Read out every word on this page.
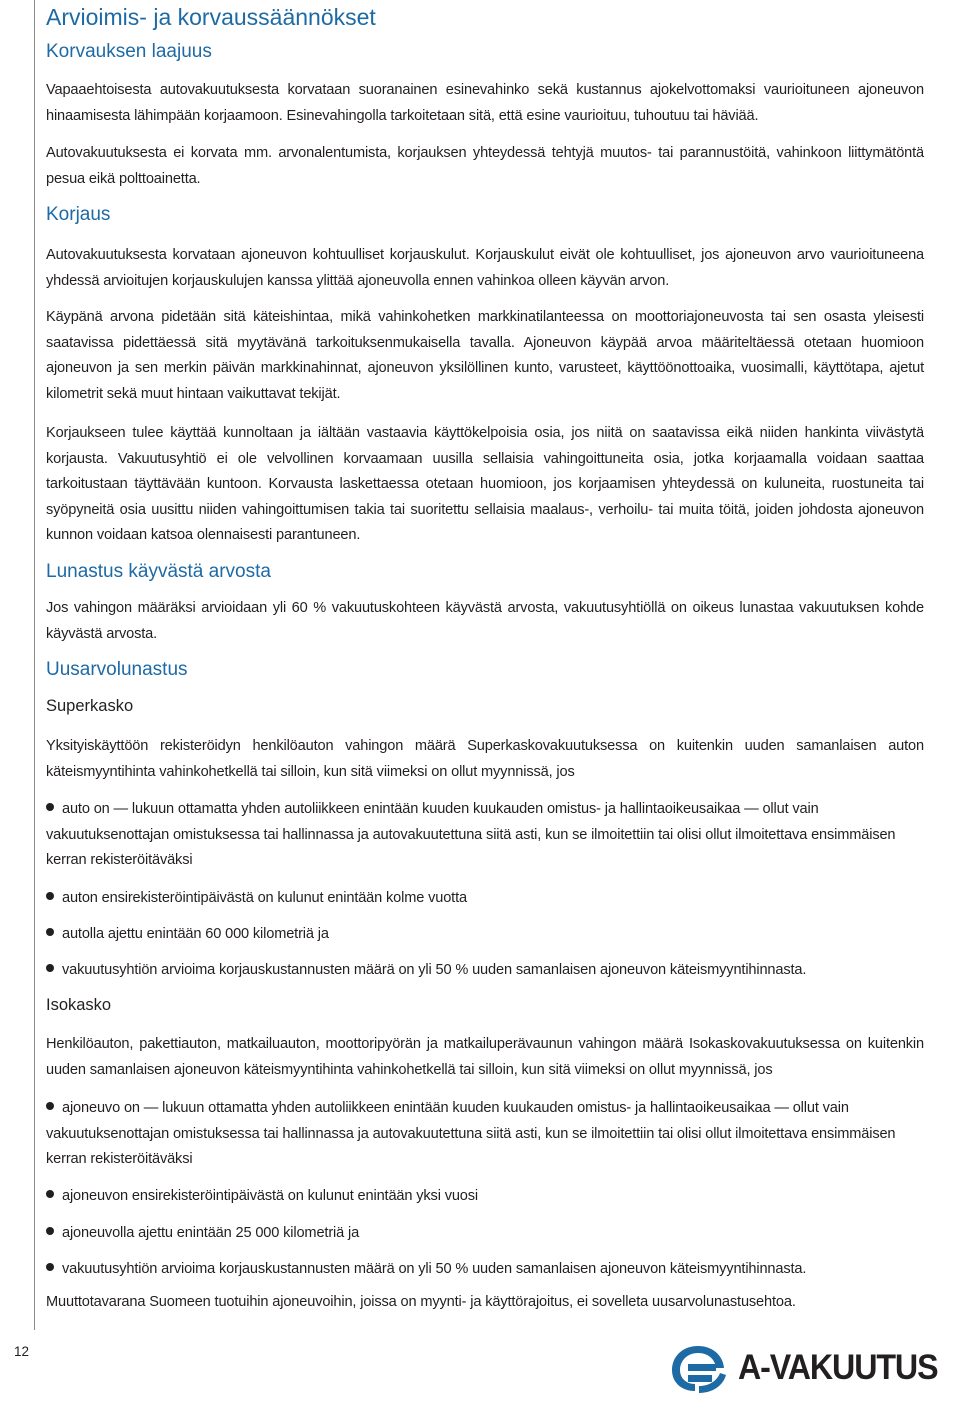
Arvioimis- ja korvaussäännökset
Korvauksen laajuus

Vapaaehtoisesta autovakuutuksesta korvataan suoranainen esinevahinko sekä kustannus ajokelvottomaksi vaurioituneen ajoneuvon hinaamisesta lähimpään korjaamoon. Esinevahingolla tarkoitetaan sitä, että esine vaurioituu, tuhoutuu tai häviää.

Autovakuutuksesta ei korvata mm. arvonalentumista, korjauksen yhteydessä tehtyjä muutos- tai parannustöitä, vahinkoon liittymätöntä pesua eikä polttoainetta.

Korjaus

Autovakuutuksesta korvataan ajoneuvon kohtuulliset korjauskulut. Korjauskulut eivät ole kohtuulliset, jos ajoneuvon arvo vaurioituneena yhdessä arvioitujen korjauskulujen kanssa ylittää ajoneuvolla ennen vahinkoa olleen käyvän arvon.

Käypänä arvona pidetään sitä käteishintaa, mikä vahinkohetken markkinatilanteessa on moottoriajoneuvosta tai sen osasta yleisesti saatavissa pidettäessä sitä myytävänä tarkoituksenmukaisella tavalla. Ajoneuvon käypää arvoa määriteltäessä otetaan huomioon ajoneuvon ja sen merkin päivän markkinahinnat, ajoneuvon yksilöllinen kunto, varusteet, käyttöönottoaika, vuosimalli, käyttötapa, ajetut kilometrit sekä muut hintaan vaikuttavat tekijät.

Korjaukseen tulee käyttää kunnoltaan ja iältään vastaavia käyttökelpoisia osia, jos niitä on saatavissa eikä niiden hankinta viivästytä korjausta. Vakuutusyhtiö ei ole velvollinen korvaamaan uusilla sellaisia vahingoittuneita osia, jotka korjaamalla voidaan saattaa tarkoitustaan täyttävään kuntoon. Korvausta laskettaessa otetaan huomioon, jos korjaamisen yhteydessä on kuluneita, ruostuneita tai syöpyneitä osia uusittu niiden vahingoittumisen takia tai suoritettu sellaisia maalaus-, verhoilu- tai muita töitä, joiden johdosta ajoneuvon kunnon voidaan katsoa olennaisesti parantuneen.

Lunastus käyvästä arvosta

Jos vahingon määräksi arvioidaan yli 60 % vakuutuskohteen käyvästä arvosta, vakuutusyhtiöllä on oikeus lunastaa vakuutuksen kohde käyvästä arvosta.

Uusarvolunastus
Superkasko

Yksityiskäyttöön rekisteröidyn henkilöauton vahingon määrä Superkaskovakuutuksessa on kuitenkin uuden samanlaisen auton käteismyyntihinta vahinkohetkellä tai silloin, kun sitä viimeksi on ollut myynnissä, jos

auto on — lukuun ottamatta yhden autoliikkeen enintään kuuden kuukauden omistus- ja hallintaoikeusaikaa — ollut vain vakuutuksenottajan omistuksessa tai hallinnassa ja autovakuutettuna siitä asti, kun se ilmoitettiin tai olisi ollut ilmoitettava ensimmäisen kerran rekisteröitäväksi

auton ensirekisteröintipäivästä on kulunut enintään kolme vuotta

autolla ajettu enintään 60 000 kilometriä ja

vakuutusyhtiön arvioima korjauskustannusten määrä on yli 50 % uuden samanlaisen ajoneuvon käteismyyntihinnasta.

Isokasko

Henkilöauton, pakettiauton, matkailuauton, moottoripyörän ja matkailuperävaunun vahingon määrä Isokaskovakuutuksessa on kuitenkin uuden samanlaisen ajoneuvon käteismyyntihinta vahinkohetkellä tai silloin, kun sitä viimeksi on ollut myynnissä, jos

ajoneuvo on — lukuun ottamatta yhden autoliikkeen enintään kuuden kuukauden omistus- ja hallintaoikeusaikaa — ollut vain vakuutuksenottajan omistuksessa tai hallinnassa ja autovakuutettuna siitä asti, kun se ilmoitettiin tai olisi ollut ilmoitettava ensimmäisen kerran rekisteröitäväksi

ajoneuvon ensirekisteröintipäivästä on kulunut enintään yksi vuosi

ajoneuvolla ajettu enintään 25 000 kilometriä ja

vakuutusyhtiön arvioima korjauskustannusten määrä on yli 50 % uuden samanlaisen ajoneuvon käteismyyntihinnasta.

Muuttotavarana Suomeen tuotuihin ajoneuvoihin, joissa on myynti- ja käyttörajoitus, ei sovelleta uusarvolunastusehtoa.

12	A-VAKUUTUS
